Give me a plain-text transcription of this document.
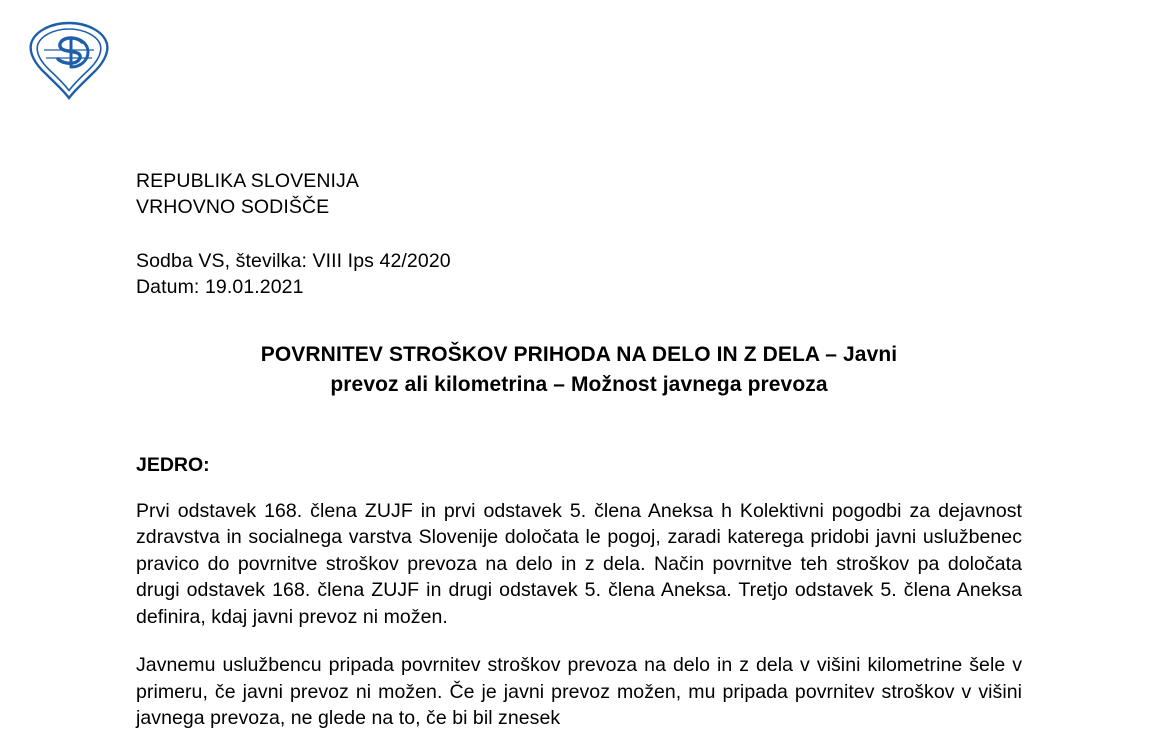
REPUBLIKA SLOVENIJA
VRHOVNO SODIŠČE
Sodba VS, številka: VIII Ips 42/2020
Datum: 19.01.2021
POVRNITEV STROŠKOV PRIHODA NA DELO IN Z DELA – Javni
prevoz ali kilometrina – Možnost javnega prevoza
JEDRO:

Prvi odstavek 168. člena ZUJF in prvi odstavek 5. člena Aneksa h Kolektivni pogodbi za dejavnost zdravstva in socialnega varstva Slovenije določata le pogoj, zaradi katerega pridobi javni uslužbenec pravico do povrnitve stroškov prevoza na delo in z dela. Način povrnitve teh stroškov pa določata drugi odstavek 168. člena ZUJF in drugi odstavek 5. člena Aneksa. Tretjo odstavek 5. člena Aneksa definira, kdaj javni prevoz ni možen.

Javnemu uslužbencu pripada povrnitev stroškov prevoza na delo in z dela v višini kilometrine šele v primeru, če javni prevoz ni možen. Če je javni prevoz možen, mu pripada povrnitev stroškov v višini javnega prevoza, ne glede na to, če bi bil znesek
